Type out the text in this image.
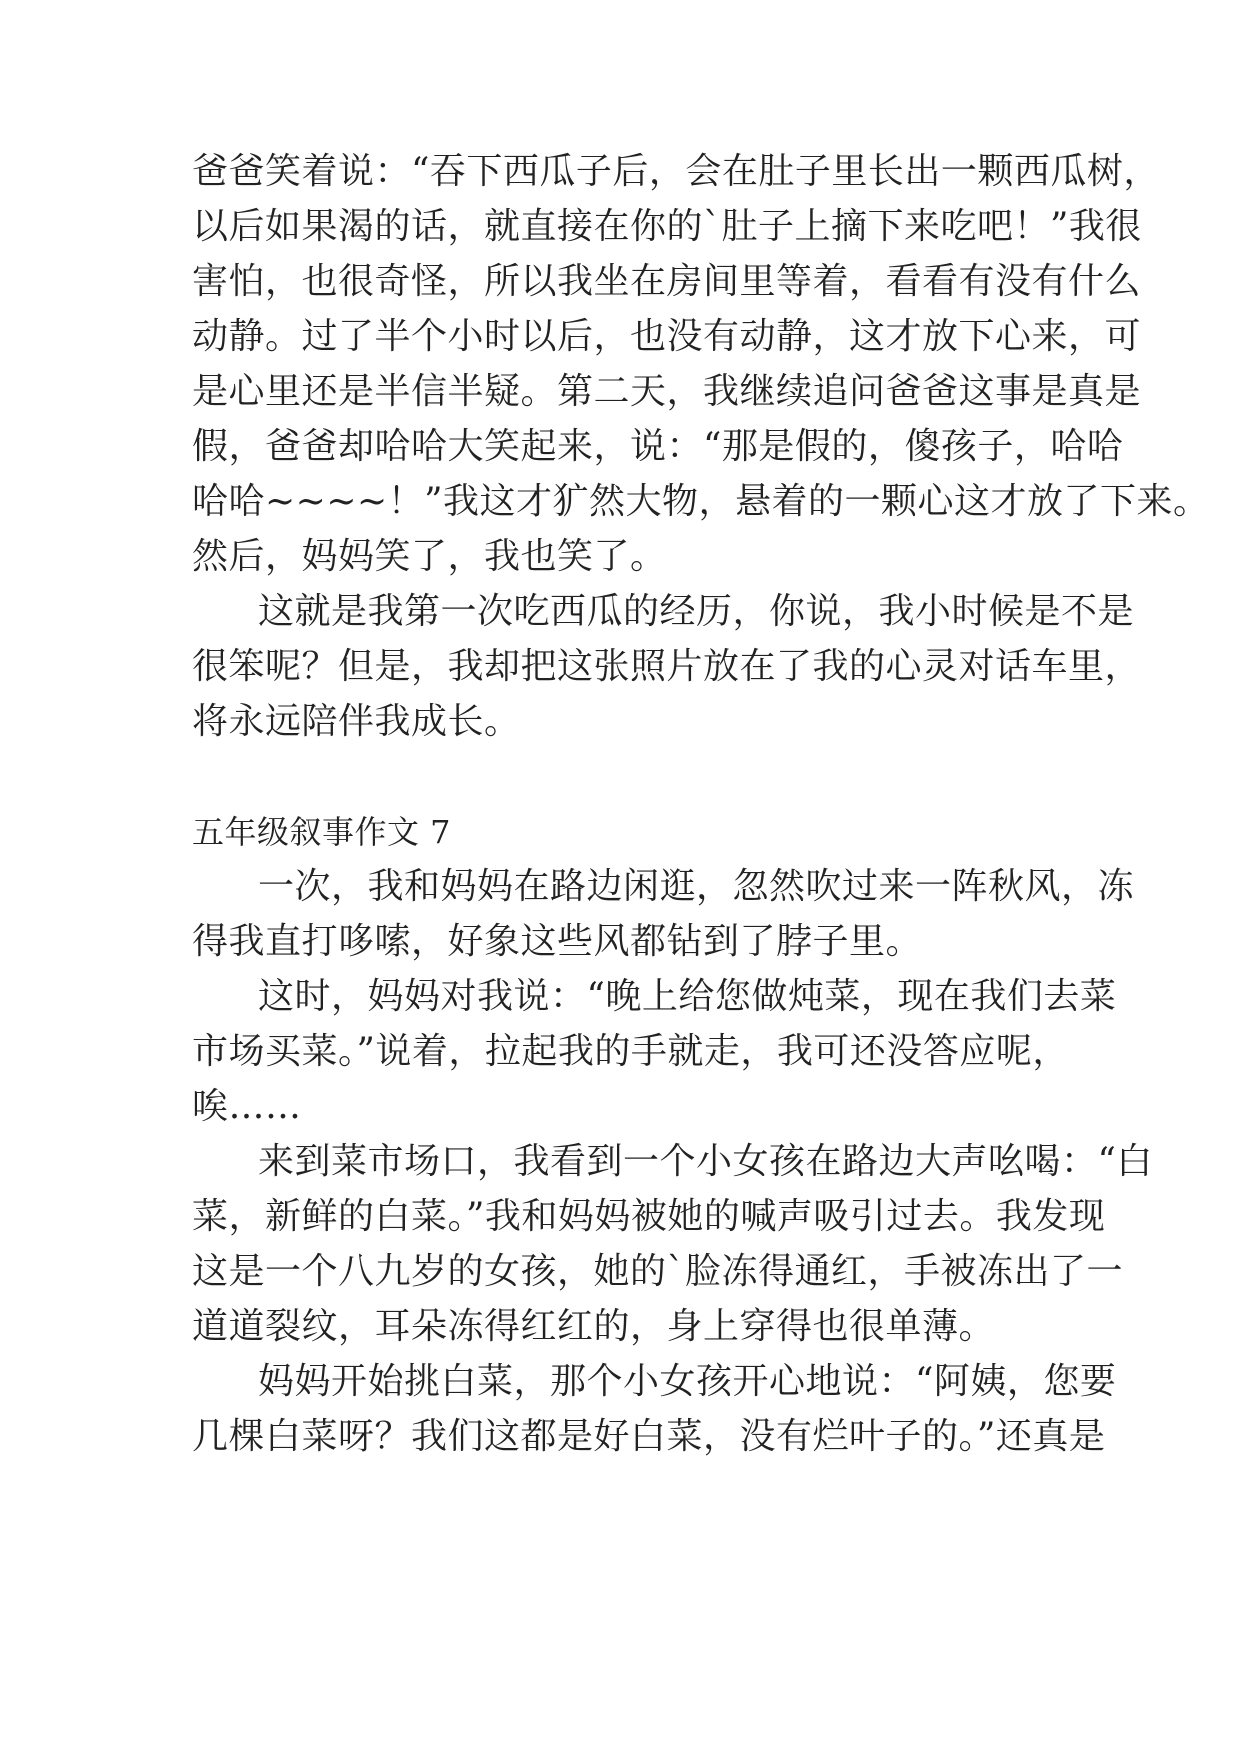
爸爸笑着说：“吞下西瓜子后，会在肚子里长出一颗西瓜树，
以后如果渴的话，就直接在你的`肚子上摘下来吃吧！”我很
害怕，也很奇怪，所以我坐在房间里等着，看看有没有什么
动静。过了半个小时以后，也没有动静，这才放下心来，可
是心里还是半信半疑。第二天，我继续追问爸爸这事是真是
假，爸爸却哈哈大笑起来，说：“那是假的，傻孩子，哈哈
哈哈~~~~！”我这才犷然大物，悬着的一颗心这才放了下来。
然后，妈妈笑了，我也笑了。
这就是我第一次吃西瓜的经历，你说，我小时候是不是
很笨呢？但是，我却把这张照片放在了我的心灵对话车里，
将永远陪伴我成长。
五年级叙事作文 7
一次，我和妈妈在路边闲逛，忽然吹过来一阵秋风，冻
得我直打哆嗦，好象这些风都钻到了脖子里。
这时，妈妈对我说：“晚上给您做炖菜，现在我们去菜
市场买菜。”说着，拉起我的手就走，我可还没答应呢，
唉……
来到菜市场口，我看到一个小女孩在路边大声吆喝：“白
菜，新鲜的白菜。”我和妈妈被她的喊声吸引过去。我发现
这是一个八九岁的女孩，她的`脸冻得通红，手被冻出了一
道道裂纹，耳朵冻得红红的，身上穿得也很单薄。
妈妈开始挑白菜，那个小女孩开心地说：“阿姨，您要
几棵白菜呀？我们这都是好白菜，没有烂叶子的。”还真是
